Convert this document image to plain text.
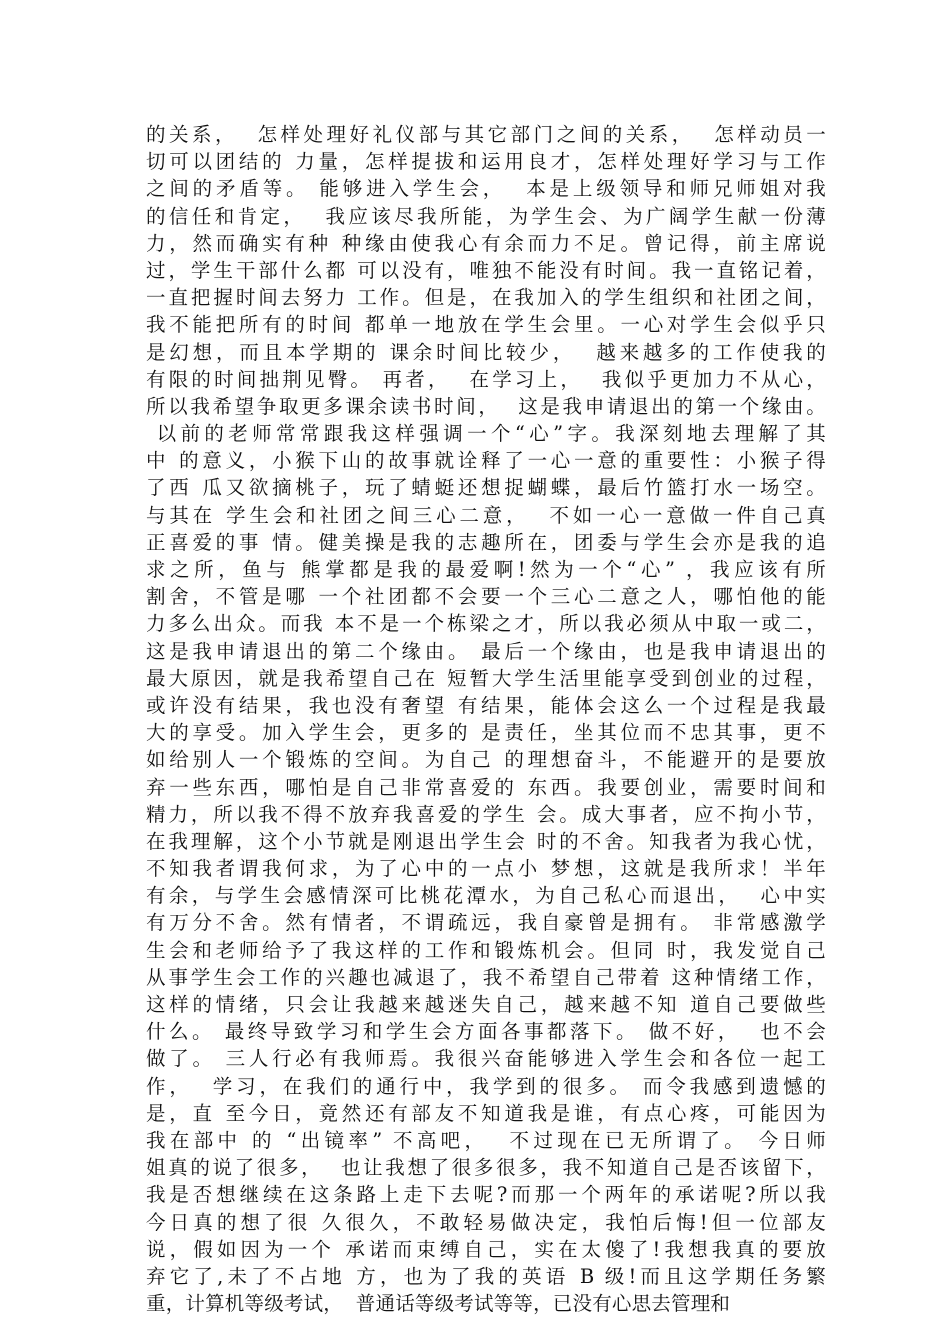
的关系，  怎样处理好礼仪部与其它部门之间的关系，  怎样动员一
切可以团结的 力量，怎样提拔和运用良才，怎样处理好学习与工作
之间的矛盾等。 能够进入学生会，  本是上级领导和师兄师姐对我
的信任和肯定，  我应该尽我所能，为学生会、为广阔学生献一份薄
力，然而确实有种 种缘由使我心有余而力不足。曾记得，前主席说
过，学生干部什么都 可以没有，唯独不能没有时间。我一直铭记着，
一直把握时间去努力 工作。但是，在我加入的学生组织和社团之间，
我不能把所有的时间 都单一地放在学生会里。一心对学生会似乎只
是幻想，而且本学期的 课余时间比较少，  越来越多的工作使我的
有限的时间拙荆见臀。 再者，  在学习上，  我似乎更加力不从心，
所以我希望争取更多课余读书时间，  这是我申请退出的第一个缘由。
以前的老师常常跟我这样强调一个“心”字。我深刻地去理解了其
中 的意义，小猴下山的故事就诠释了一心一意的重要性：小猴子得
了西 瓜又欲摘桃子，玩了蜻蜓还想捉蝴蝶，最后竹篮打水一场空。
与其在 学生会和社团之间三心二意，  不如一心一意做一件自己真
正喜爱的事 情。健美操是我的志趣所在，团委与学生会亦是我的追
求之所，鱼与 熊掌都是我的最爱啊!然为一个“心” ，我应该有所
割舍，不管是哪 一个社团都不会要一个三心二意之人，哪怕他的能
力多么出众。而我 本不是一个栋梁之才，所以我必须从中取一或二，
这是我申请退出的第二个缘由。 最后一个缘由，也是我申请退出的
最大原因，就是我希望自己在 短暂大学生活里能享受到创业的过程，
或许没有结果，我也没有奢望 有结果，能体会这么一个过程是我最
大的享受。加入学生会，更多的 是责任，坐其位而不忠其事，更不
如给别人一个锻炼的空间。为自己 的理想奋斗，不能避开的是要放
弃一些东西，哪怕是自己非常喜爱的 东西。我要创业，需要时间和
精力，所以我不得不放弃我喜爱的学生 会。成大事者，应不拘小节，
在我理解，这个小节就是刚退出学生会 时的不舍。知我者为我心忧，
不知我者谓我何求，为了心中的一点小 梦想，这就是我所求！半年
有余，与学生会感情深可比桃花潭水，为自己私心而退出，  心中实
有万分不舍。然有情者，不谓疏远，我自豪曾是拥有。 非常感激学
生会和老师给予了我这样的工作和锻炼机会。但同 时，我发觉自己
从事学生会工作的兴趣也减退了，我不希望自己带着 这种情绪工作，
这样的情绪，只会让我越来越迷失自己，越来越不知 道自己要做些
什么。 最终导致学习和学生会方面各事都落下。 做不好，  也不会
做了。 三人行必有我师焉。我很兴奋能够进入学生会和各位一起工
作，  学习，在我们的通行中，我学到的很多。 而令我感到遗憾的
是，直 至今日，竟然还有部友不知道我是谁，有点心疼，可能因为
我在部中 的 “出镜率” 不高吧，  不过现在已无所谓了。 今日师
姐真的说了很多，  也让我想了很多很多，我不知道自己是否该留下，
我是否想继续在这条路上走下去呢?而那一个两年的承诺呢?所以我
今日真的想了很 久很久，不敢轻易做决定，我怕后悔!但一位部友
说，假如因为一个 承诺而束缚自己，实在太傻了!我想我真的要放
弃它了,未了不占地 方，也为了我的英语 B 级!而且这学期任务繁
重，计算机等级考试，  普通话等级考试等等，已没有心思去管理和
